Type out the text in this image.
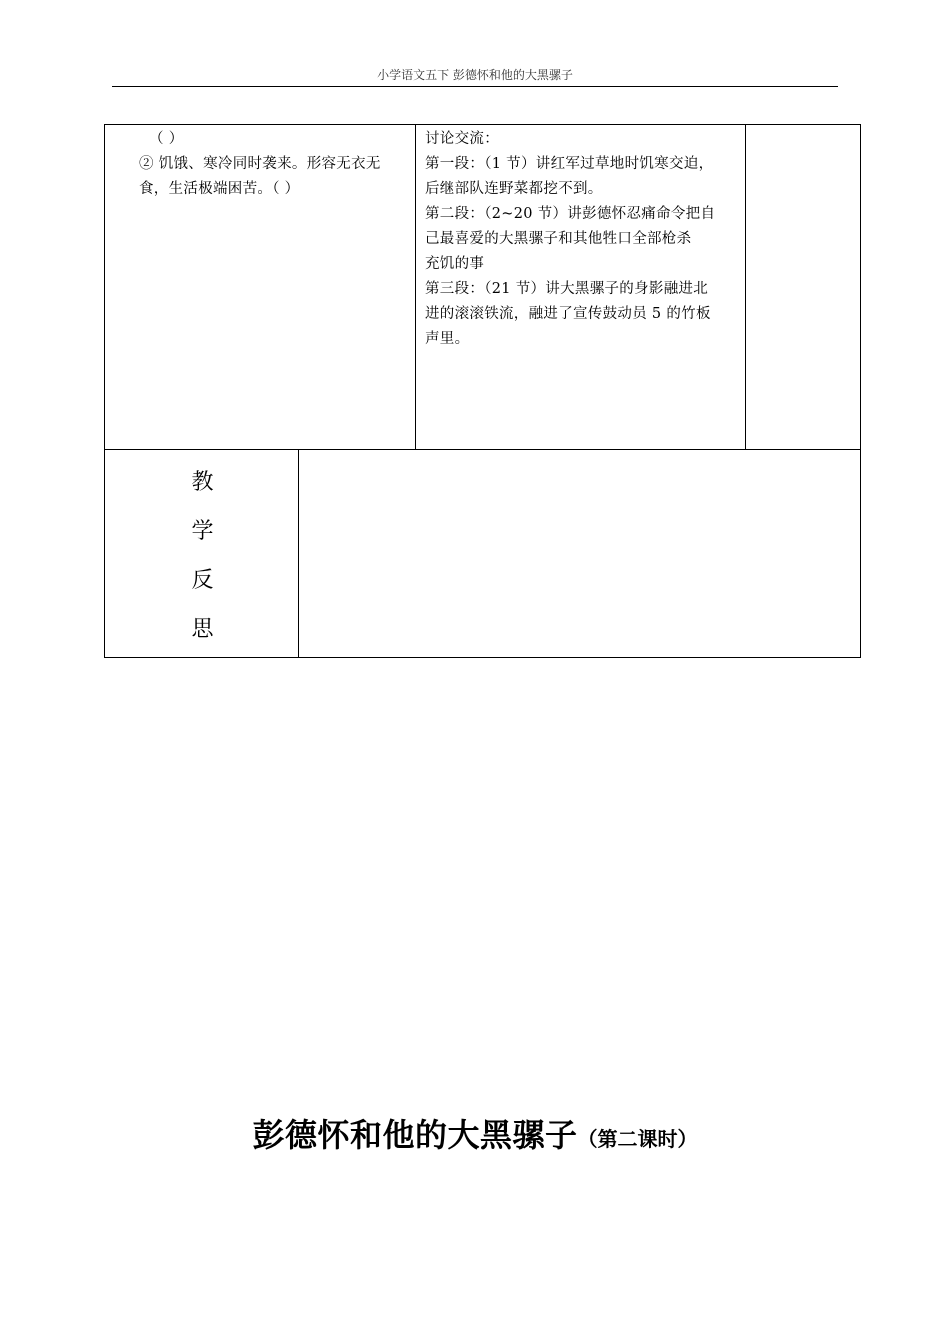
小学语文五下 彭德怀和他的大黑骡子
（ ）
② 饥饿、寒冷同时袭来。形容无衣无
食，生活极端困苦。（ ）
讨论交流：
第一段：（1 节）讲红军过草地时饥寒交迫，
后继部队连野菜都挖不到。
第二段：（2~20 节）讲彭德怀忍痛命令把自
己最喜爱的大黑骡子和其他牲口全部枪杀
充饥的事
第三段：（21 节）讲大黑骡子的身影融进北
进的滚滚铁流，融进了宣传鼓动员 5 的竹板
声里。
教
学
反
思
彭德怀和他的大黑骡子（第二课时）
